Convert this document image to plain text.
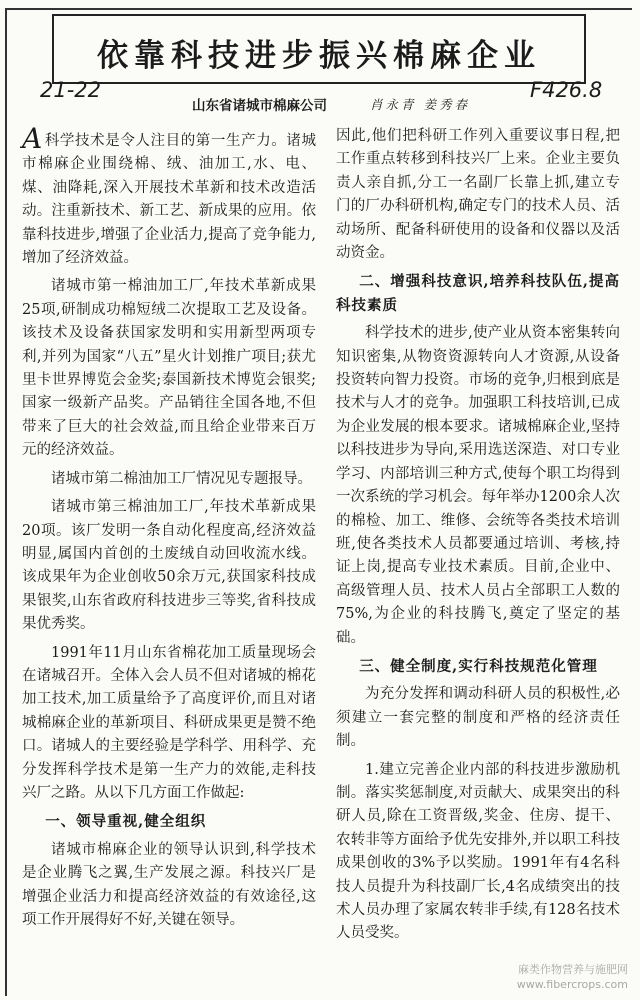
依靠科技进步振兴棉麻企业
21-22	F426.8
山东省诸城市棉麻公司	肖永青 姜秀春

A科学技术是令人注目的第一生产力。诸城市棉麻企业围绕棉、绒、油加工,水、电、煤、油降耗,深入开展技术革新和技术改造活动。注重新技术、新工艺、新成果的应用。依靠科技进步,增强了企业活力,提高了竞争能力,增加了经济效益。

诸城市第一棉油加工厂,年技术革新成果25项,研制成功棉短绒二次提取工艺及设备。该技术及设备获国家发明和实用新型两项专利,并列为国家“八五”星火计划推广项目;获尤里卡世界博览会金奖;泰国新技术博览会银奖;国家一级新产品奖。产品销往全国各地,不但带来了巨大的社会效益,而且给企业带来百万元的经济效益。

诸城市第二棉油加工厂情况见专题报导。

诸城市第三棉油加工厂,年技术革新成果20项。该厂发明一条自动化程度高,经济效益明显,属国内首创的土废绒自动回收流水线。该成果年为企业创收50余万元,获国家科技成果银奖,山东省政府科技进步三等奖,省科技成果优秀奖。

1991年11月山东省棉花加工质量现场会在诸城召开。全体入会人员不但对诸城的棉花加工技术,加工质量给予了高度评价,而且对诸城棉麻企业的革新项目、科研成果更是赞不绝口。诸城人的主要经验是学科学、用科学、充分发挥科学技术是第一生产力的效能,走科技兴厂之路。从以下几方面工作做起:

一、领导重视,健全组织

诸城市棉麻企业的领导认识到,科学技术是企业腾飞之翼,生产发展之源。科技兴厂是增强企业活力和提高经济效益的有效途径,这项工作开展得好不好,关键在领导。

因此,他们把科研工作列入重要议事日程,把工作重点转移到科技兴厂上来。企业主要负责人亲自抓,分工一名副厂长靠上抓,建立专门的厂办科研机构,确定专门的技术人员、活动场所、配备科研使用的设备和仪器以及活动资金。

二、增强科技意识,培养科技队伍,提高科技素质

科学技术的进步,使产业从资本密集转向知识密集,从物资资源转向人才资源,从设备投资转向智力投资。市场的竞争,归根到底是技术与人才的竞争。加强职工科技培训,已成为企业发展的根本要求。诸城棉麻企业,坚持以科技进步为导向,采用选送深造、对口专业学习、内部培训三种方式,使每个职工均得到一次系统的学习机会。每年举办1200余人次的棉检、加工、维修、会统等各类技术培训班,使各类技术人员都要通过培训、考核,持证上岗,提高专业技术素质。目前,企业中、高级管理人员、技术人员占全部职工人数的75%,为企业的科技腾飞,奠定了坚定的基础。

三、健全制度,实行科技规范化管理

为充分发挥和调动科研人员的积极性,必须建立一套完整的制度和严格的经济责任制。

1.建立完善企业内部的科技进步激励机制。落实奖惩制度,对贡献大、成果突出的科研人员,除在工资晋级,奖金、住房、提干、农转非等方面给予优先安排外,并以职工科技成果创收的3%予以奖励。1991年有4名科技人员提升为科技副厂长,4名成绩突出的技术人员办理了家属农转非手续,有128名技术人员受奖。

麻类作物营养与施肥网
www.fibercrops.com
